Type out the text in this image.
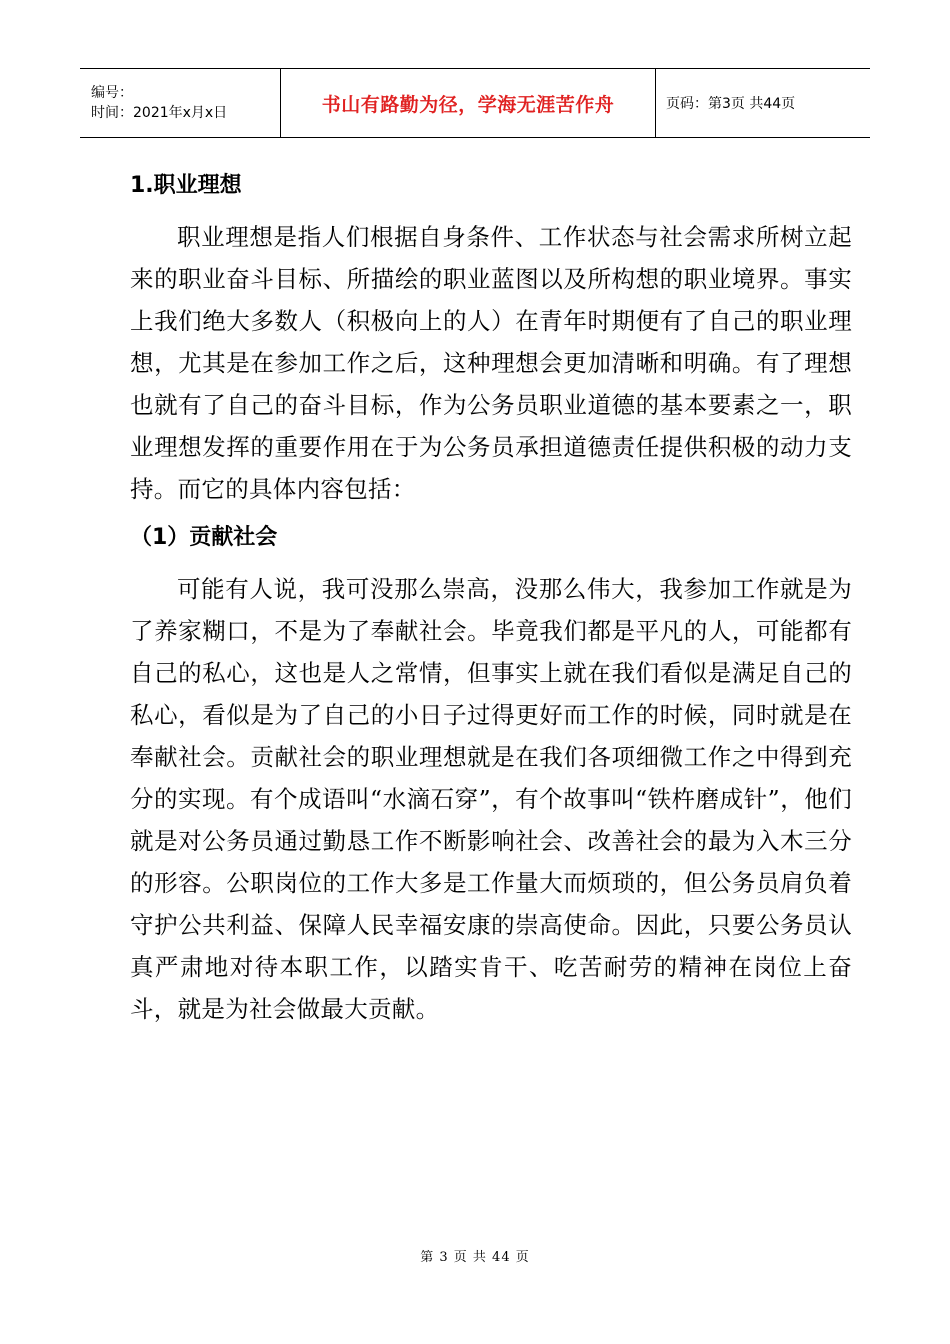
编号：
时间：2021年x月x日	书山有路勤为径，学海无涯苦作舟	页码：第3页 共44页
1.职业理想

职业理想是指人们根据自身条件、工作状态与社会需求所树立起来的职业奋斗目标、所描绘的职业蓝图以及所构想的职业境界。事实上我们绝大多数人（积极向上的人）在青年时期便有了自己的职业理想，尤其是在参加工作之后，这种理想会更加清晰和明确。有了理想也就有了自己的奋斗目标，作为公务员职业道德的基本要素之一，职业理想发挥的重要作用在于为公务员承担道德责任提供积极的动力支持。而它的具体内容包括：

（1）贡献社会

可能有人说，我可没那么崇高，没那么伟大，我参加工作就是为了养家糊口，不是为了奉献社会。毕竟我们都是平凡的人，可能都有自己的私心，这也是人之常情，但事实上就在我们看似是满足自己的私心，看似是为了自己的小日子过得更好而工作的时候，同时就是在奉献社会。贡献社会的职业理想就是在我们各项细微工作之中得到充分的实现。有个成语叫“水滴石穿”，有个故事叫“铁杵磨成针”，他们就是对公务员通过勤恳工作不断影响社会、改善社会的最为入木三分的形容。公职岗位的工作大多是工作量大而烦琐的，但公务员肩负着守护公共利益、保障人民幸福安康的崇高使命。因此，只要公务员认真严肃地对待本职工作，以踏实肯干、吃苦耐劳的精神在岗位上奋斗，就是为社会做最大贡献。

第 3 页 共 44 页
